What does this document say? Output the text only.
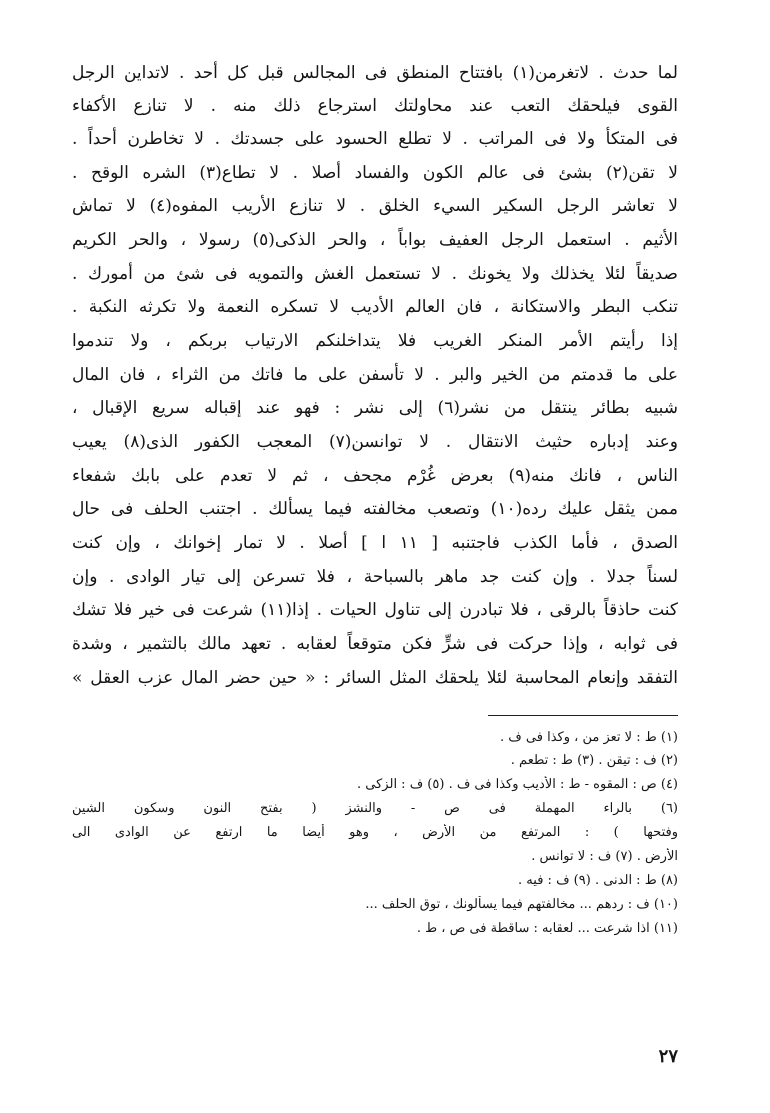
لما حدث . لاتغرمن(١) بافتتاح المنطق فى المجالس قبل كل أحد . لاتداين الرجل
القوى فيلحقك التعب عند محاولتك استرجاع ذلك منه . لا تنازع الأكفاء
فى المتكأ ولا فى المراتب . لا تطلع الحسود على جسدتك . لا تخاطرن أحداً .
لا تقن(٢) بشئ فى عالم الكون والفساد أصلا . لا تطاع(٣) الشره الوقح .
لا تعاشر الرجل السكير السيء الخلق . لا تنازع الأريب المفوه(٤) لا تماش
الأثيم . استعمل الرجل العفيف بواباً ، والحر الذكى(٥) رسولا ، والحر الكريم
صديقاً لئلا يخذلك ولا يخونك . لا تستعمل الغش والتمويه فى شئ من أمورك .
تنكب البطر والاستكانة ، فان العالم الأديب لا تسكره النعمة ولا تكرثه النكبة .
إذا رأيتم الأمر المنكر الغريب فلا يتداخلنكم الارتياب بربكم ، ولا تندموا
على ما قدمتم من الخير والبر . لا تأسفن على ما فاتك من الثراء ، فان المال
شبيه بطائر ينتقل من نشر(٦) إلى نشر : فهو عند إقباله سريع الإقبال ،
وعند إدباره حثيث الانتقال . لا توانسن(٧) المعجب الكفور الذى(٨) يعيب
الناس ، فانك منه(٩) بعرض غُرْم مجحف ، ثم لا تعدم على بابك شفعاء
ممن يثقل عليك رده(١٠) وتصعب مخالفته فيما يسألك . اجتنب الحلف فى حال
الصدق ، فأما الكذب فاجتنبه [ ١١ ا ] أصلا . لا تمار إخوانك ، وإن كنت
لسناً جدلا . وإن كنت جد ماهر بالسباحة ، فلا تسرعن إلى تيار الوادى . وإن
كنت حاذقاً بالرقى ، فلا تبادرن إلى تناول الحيات . إذا(١١) شرعت فى خير فلا تشك
فى ثوابه ، وإذا حركت فى شرٍّ فكن متوقعاً لعقابه . تعهد مالك بالتثمير ، وشدة
التفقد وإنعام المحاسبة لئلا يلحقك المثل السائر : « حين حضر المال عزب العقل »
(١) ط : لا تعز من ، وكذا فى ف .
(٢) ف : تيقن . (٣) ط : تطعم .
(٤) ص : المقوه - ط : الأديب وكذا فى ف . (٥) ف : الزكى .
(٦) بالراء المهملة فى ص - والنشز ( بفتح النون وسكون الشين
وفتحها ) : المرتفع من الأرض ، وهو أيضا ما ارتفع عن الوادى الى
الأرض . (٧) ف : لا توانس .
(٨) ط : الدنى . (٩) ف : فيه .
(١٠) ف : ردهم ... مخالفتهم فيما يسألونك ، توق الحلف ...
(١١) اذا شرعت ... لعقابه : ساقطة فى ص ، ط .
٢٧
